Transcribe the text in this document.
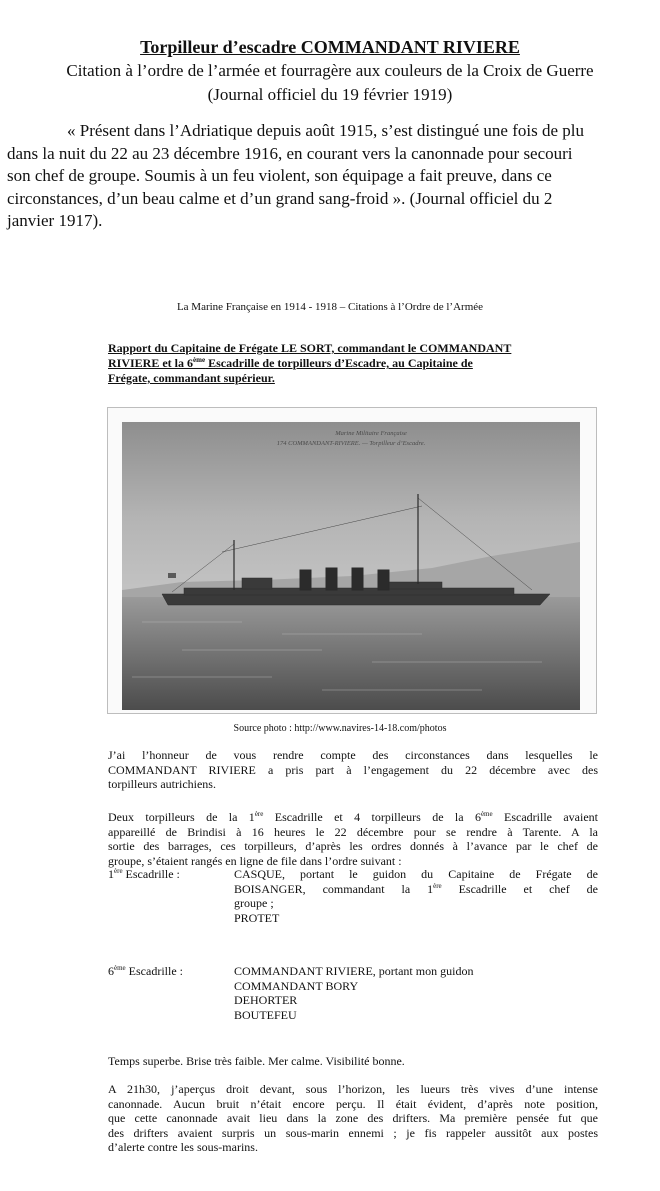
Torpilleur d’escadre COMMANDANT RIVIERE
Citation à l’ordre de l’armée et fourragère aux couleurs de la Croix de Guerre
(Journal officiel du 19 février 1919)
« Présent dans l’Adriatique depuis août 1915, s’est distingué une fois de plu
dans la nuit du 22 au 23 décembre 1916, en courant vers la canonnade pour secouri
son chef de groupe. Soumis à un feu violent, son équipage a fait preuve, dans ce
circonstances, d’un beau calme et d’un grand sang-froid ». (Journal officiel du 2
janvier 1917).
La Marine Française en 1914 - 1918 – Citations à l’Ordre de l’Armée
Rapport du Capitaine de Frégate LE SORT, commandant le COMMANDANT
RIVIERE et la 6ème Escadrille de torpilleurs d’Escadre, au Capitaine de
Frégate, commandant supérieur.
Marine Militaire Française
174 COMMANDANT-RIVIERE. — Torpilleur d’Escadre.
Source photo : http://www.navires-14-18.com/photos
J’ai l’honneur de vous rendre compte des circonstances dans lesquelles le
COMMANDANT RIVIERE a pris part à l’engagement du 22 décembre avec des
torpilleurs autrichiens.
Deux torpilleurs de la 1ère Escadrille et 4 torpilleurs de la 6ème Escadrille avaient
appareillé de Brindisi à 16 heures le 22 décembre pour se rendre à Tarente. A la
sortie des barrages, ces torpilleurs, d’après les ordres donnés à l’avance par le chef de
groupe, s’étaient rangés en ligne de file dans l’ordre suivant :
1ère Escadrille :	CASQUE, portant le guidon du Capitaine de Frégate de
BOISANGER, commandant la 1ère Escadrille et chef de
groupe ;
PROTET
6ème Escadrille :	COMMANDANT RIVIERE, portant mon guidon
COMMANDANT BORY
DEHORTER
BOUTEFEU
Temps superbe. Brise très faible. Mer calme. Visibilité bonne.
A 21h30, j’aperçus droit devant, sous l’horizon, les lueurs très vives d’une intense
canonnade. Aucun bruit n’était encore perçu. Il était évident, d’après note position,
que cette canonnade avait lieu dans la zone des drifters. Ma première pensée fut que
des drifters avaient surpris un sous-marin ennemi ; je fis rappeler aussitôt aux postes
d’alerte contre les sous-marins.
